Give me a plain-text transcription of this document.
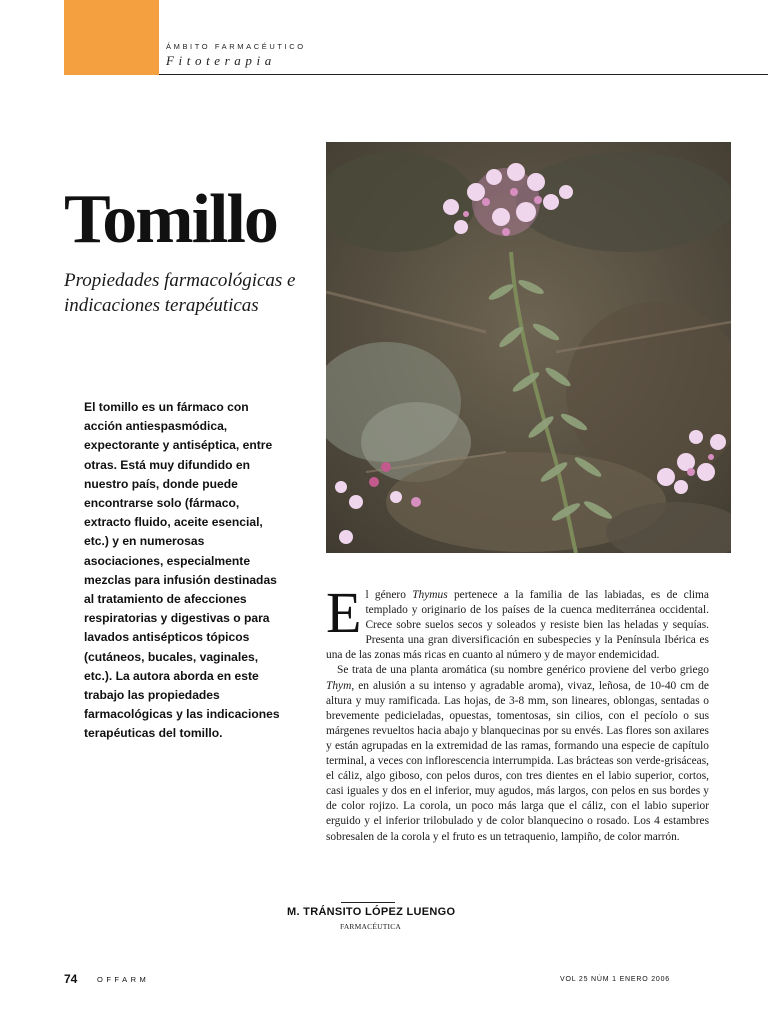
ÁMBITO FARMACÉUTICO
Fitoterapia
Tomillo
Propiedades farmacológicas e indicaciones terapéuticas
El tomillo es un fármaco con acción antiespasmódica, expectorante y antiséptica, entre otras. Está muy difundido en nuestro país, donde puede encontrarse solo (fármaco, extracto fluido, aceite esencial, etc.) y en numerosas asociaciones, especialmente mezclas para infusión destinadas al tratamiento de afecciones respiratorias y digestivas o para lavados antisépticos tópicos (cutáneos, bucales, vaginales, etc.). La autora aborda en este trabajo las propiedades farmacológicas y las indicaciones terapéuticas del tomillo.

El género Thymus pertenece a la familia de las labiadas, es de clima templado y originario de los países de la cuenca mediterránea occidental. Crece sobre suelos secos y soleados y resiste bien las heladas y sequías. Presenta una gran diversificación en subespecies y la Península Ibérica es una de las zonas más ricas en cuanto al número y de mayor endemicidad.

Se trata de una planta aromática (su nombre genérico proviene del verbo griego Thym, en alusión a su intenso y agradable aroma), vivaz, leñosa, de 10-40 cm de altura y muy ramificada. Las hojas, de 3-8 mm, son lineares, oblongas, sentadas o brevemente pedicieladas, opuestas, tomentosas, sin cilios, con el pecíolo o sus márgenes revueltos hacia abajo y blanquecinas por su envés. Las flores son axilares y están agrupadas en la extremidad de las ramas, formando una especie de capítulo terminal, a veces con inflorescencia interrumpida. Las brácteas son verde-grisáceas, el cáliz, algo giboso, con pelos duros, con tres dientes en el labio superior, cortos, casi iguales y dos en el inferior, muy agudos, más largos, con pelos en sus bordes y de color rojizo. La corola, un poco más larga que el cáliz, con el labio superior erguido y el inferior trilobulado y de color blanquecino o rosado. Los 4 estambres sobresalen de la corola y el fruto es un tetraquenio, lampiño, de color marrón.

M. TRÁNSITO LÓPEZ LUENGO
FARMACÉUTICA
74	OFFARM	VOL 25 NÚM 1 ENERO 2006
